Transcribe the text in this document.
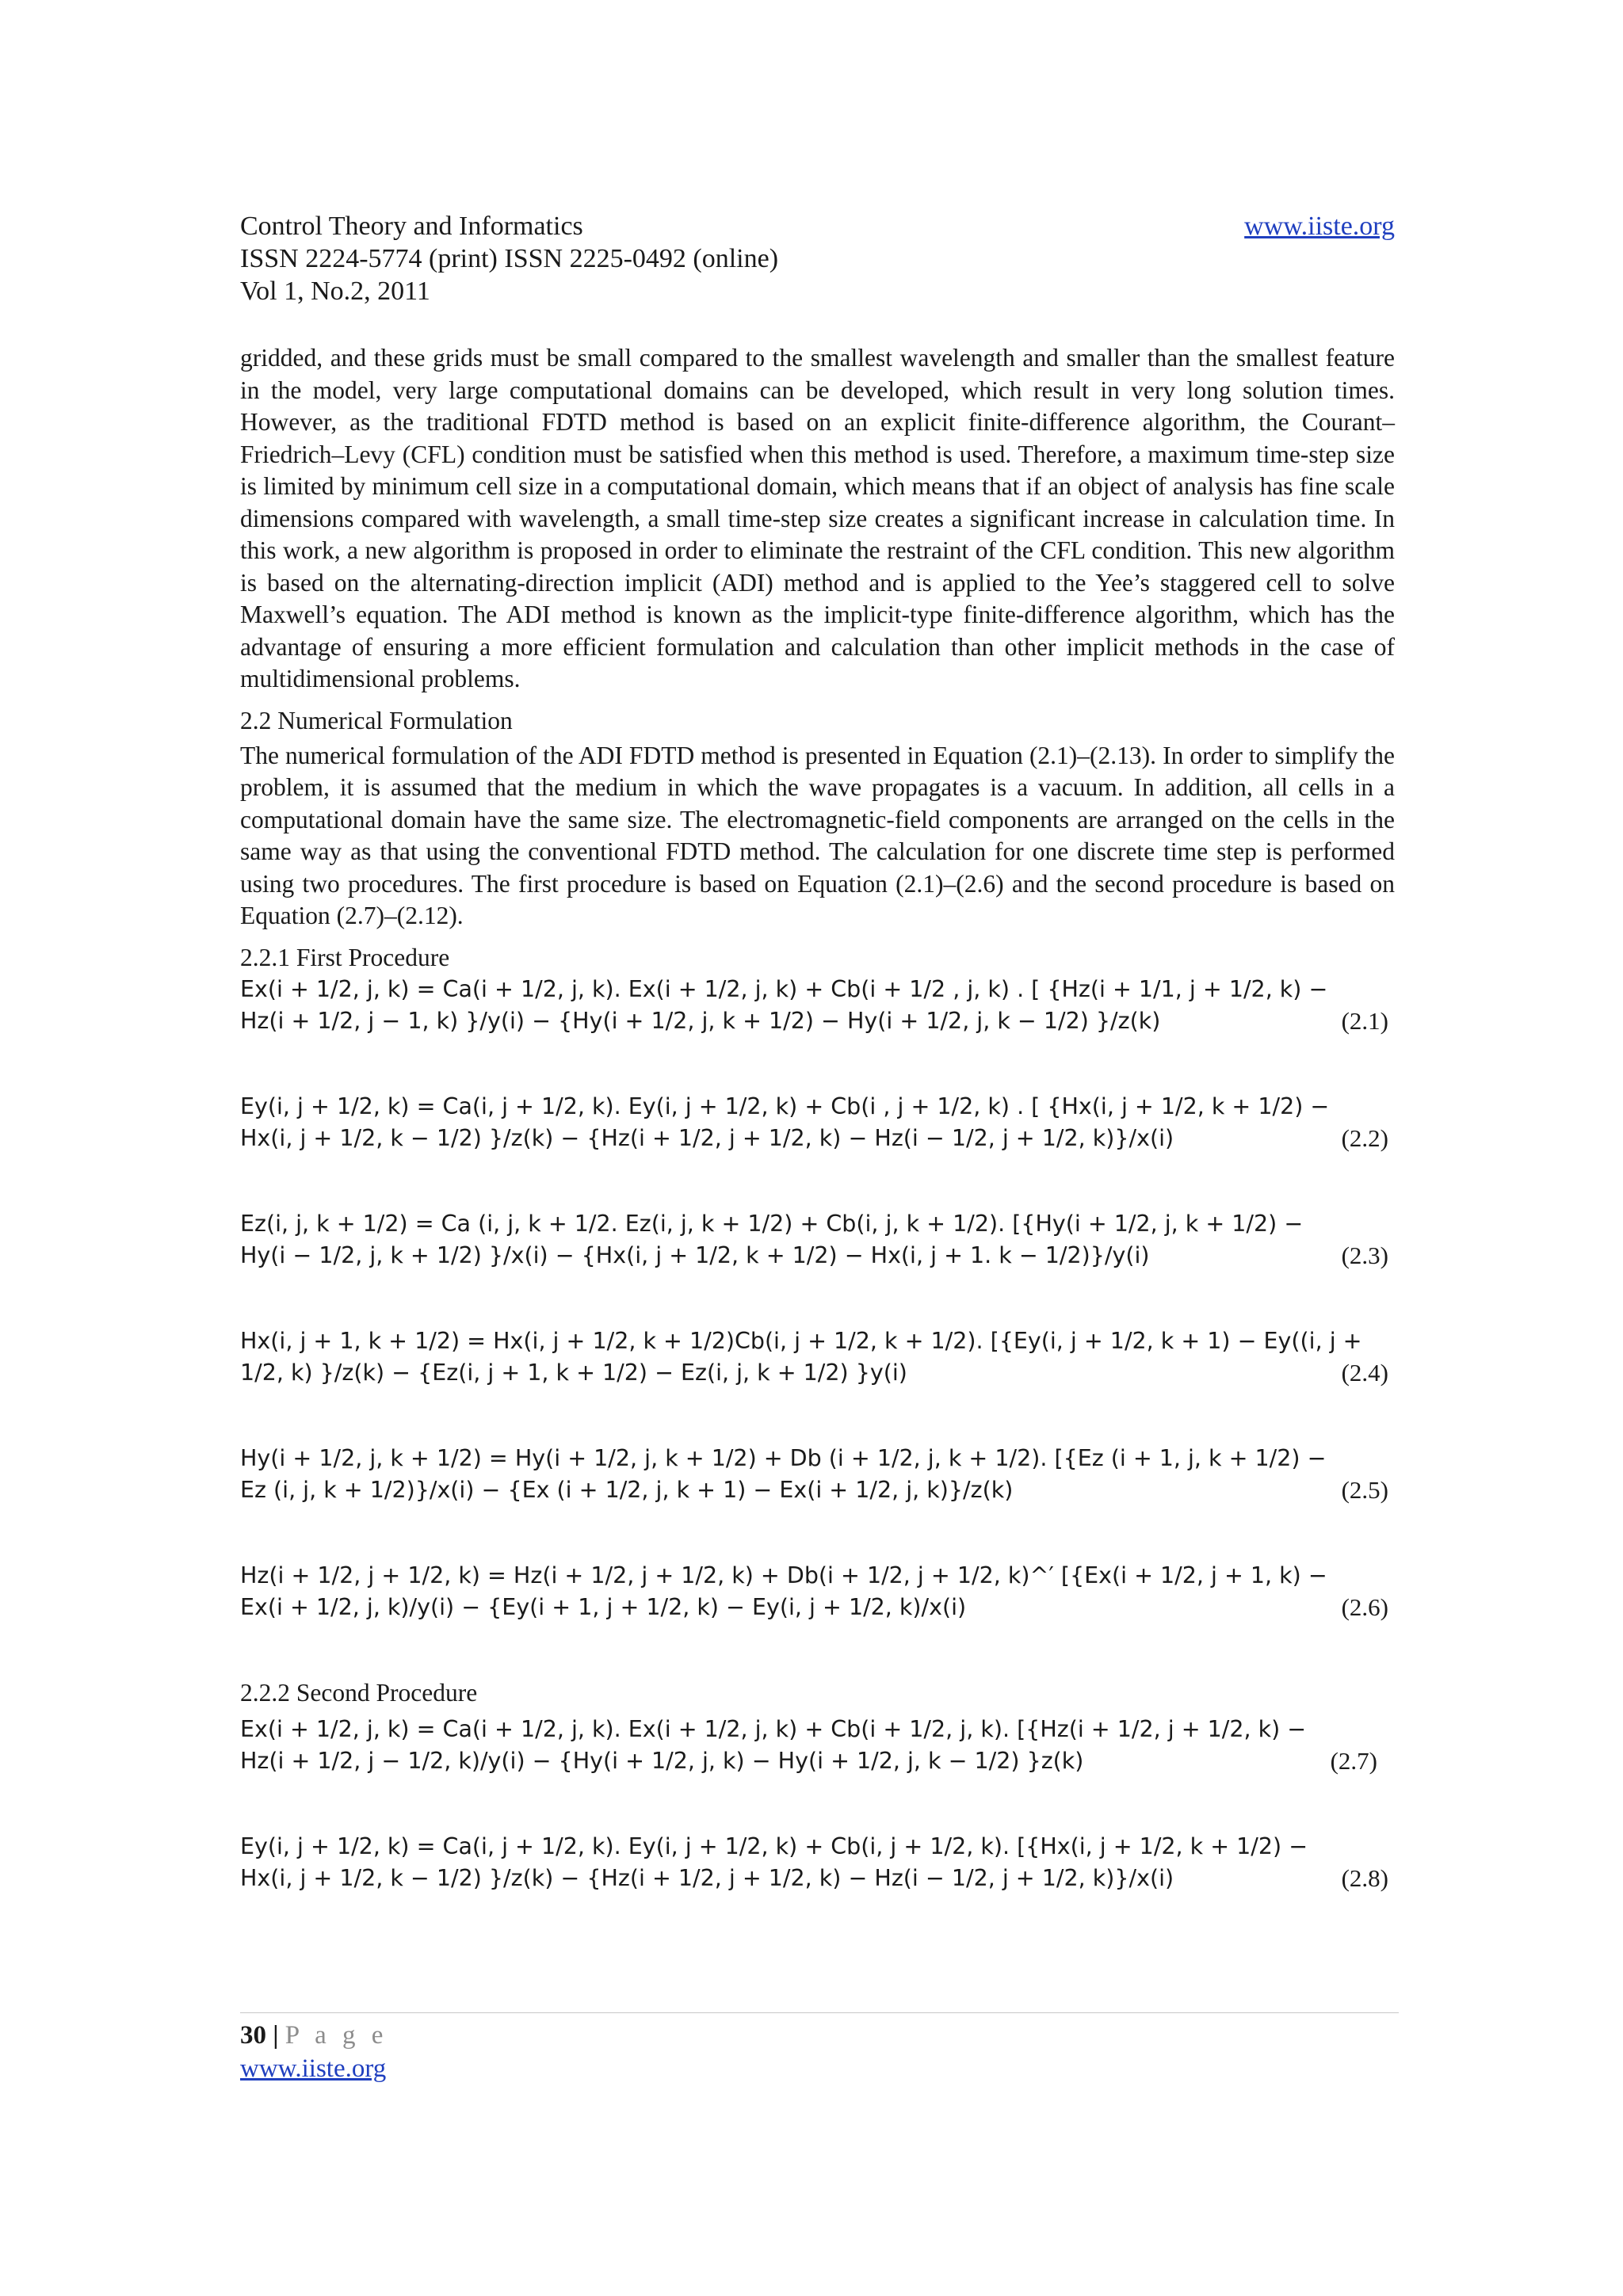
Control Theory and Informatics
ISSN 2224-5774 (print) ISSN 2225-0492 (online)
Vol 1, No.2, 2011
www.iiste.org

gridded, and these grids must be small compared to the smallest wavelength and smaller than the smallest feature in the model, very large computational domains can be developed, which result in very long solution times. However, as the traditional FDTD method is based on an explicit finite-difference algorithm, the Courant–Friedrich–Levy (CFL) condition must be satisfied when this method is used. Therefore, a maximum time-step size is limited by minimum cell size in a computational domain, which means that if an object of analysis has fine scale dimensions compared with wavelength, a small time-step size creates a significant increase in calculation time. In this work, a new algorithm is proposed in order to eliminate the restraint of the CFL condition. This new algorithm is based on the alternating-direction implicit (ADI) method and is applied to the Yee’s staggered cell to solve Maxwell’s equation. The ADI method is known as the implicit-type finite-difference algorithm, which has the advantage of ensuring a more efficient formulation and calculation than other implicit methods in the case of multidimensional problems.

2.2 Numerical Formulation

The numerical formulation of the ADI FDTD method is presented in Equation (2.1)–(2.13). In order to simplify the problem, it is assumed that the medium in which the wave propagates is a vacuum. In addition, all cells in a computational domain have the same size. The electromagnetic-field components are arranged on the cells in the same way as that using the conventional FDTD method. The calculation for one discrete time step is performed using two procedures. The first procedure is based on Equation (2.1)–(2.6) and the second procedure is based on Equation (2.7)–(2.12).

2.2.1 First Procedure
Ex(i + 1/2, j, k) = Ca(i + 1/2, j, k). Ex(i + 1/2, j, k) + Cb(i + 1/2 , j, k) . [ {Hz(i + 1/1, j + 1/2, k) −
Hz(i + 1/2, j − 1, k) }/y(i) − {Hy(i + 1/2, j, k + 1/2) − Hy(i + 1/2, j, k − 1/2) }/z(k)	(2.1)
Ey(i, j + 1/2, k) = Ca(i, j + 1/2, k). Ey(i, j + 1/2, k) + Cb(i , j + 1/2, k) . [ {Hx(i, j + 1/2, k + 1/2) −
Hx(i, j + 1/2, k − 1/2) }/z(k) − {Hz(i + 1/2, j + 1/2, k) − Hz(i − 1/2, j + 1/2, k)}/x(i)	(2.2)
Ez(i, j, k + 1/2) = Ca (i, j, k + 1/2. Ez(i, j, k + 1/2) + Cb(i, j, k + 1/2). [{Hy(i + 1/2, j, k + 1/2) −
Hy(i − 1/2, j, k + 1/2) }/x(i) − {Hx(i, j + 1/2, k + 1/2) − Hx(i, j + 1. k − 1/2)}/y(i)	(2.3)
Hx(i, j + 1, k + 1/2) = Hx(i, j + 1/2, k + 1/2)Cb(i, j + 1/2, k + 1/2). [{Ey(i, j + 1/2, k + 1) − Ey((i, j +
1/2, k) }/z(k) − {Ez(i, j + 1, k + 1/2) − Ez(i, j, k + 1/2) }y(i)	(2.4)
Hy(i + 1/2, j, k + 1/2) = Hy(i + 1/2, j, k + 1/2) + Db (i + 1/2, j, k + 1/2). [{Ez (i + 1, j, k + 1/2) −
Ez (i, j, k + 1/2)}/x(i) − {Ex (i + 1/2, j, k + 1) − Ex(i + 1/2, j, k)}/z(k)	(2.5)
Hz(i + 1/2, j + 1/2, k) = Hz(i + 1/2, j + 1/2, k) + Db(i + 1/2, j + 1/2, k)^′ [{Ex(i + 1/2, j + 1, k) −
Ex(i + 1/2, j, k)/y(i) − {Ey(i + 1, j + 1/2, k) − Ey(i, j + 1/2, k)/x(i)	(2.6)
2.2.2 Second Procedure
Ex(i + 1/2, j, k) = Ca(i + 1/2, j, k). Ex(i + 1/2, j, k) + Cb(i + 1/2, j, k). [{Hz(i + 1/2, j + 1/2, k) −
Hz(i + 1/2, j − 1/2, k)/y(i) − {Hy(i + 1/2, j, k) − Hy(i + 1/2, j, k − 1/2) }z(k)	(2.7)
Ey(i, j + 1/2, k) = Ca(i, j + 1/2, k). Ey(i, j + 1/2, k) + Cb(i, j + 1/2, k). [{Hx(i, j + 1/2, k + 1/2) −
Hx(i, j + 1/2, k − 1/2) }/z(k) − {Hz(i + 1/2, j + 1/2, k) − Hz(i − 1/2, j + 1/2, k)}/x(i)	(2.8)
30 | P a g e
www.iiste.org
